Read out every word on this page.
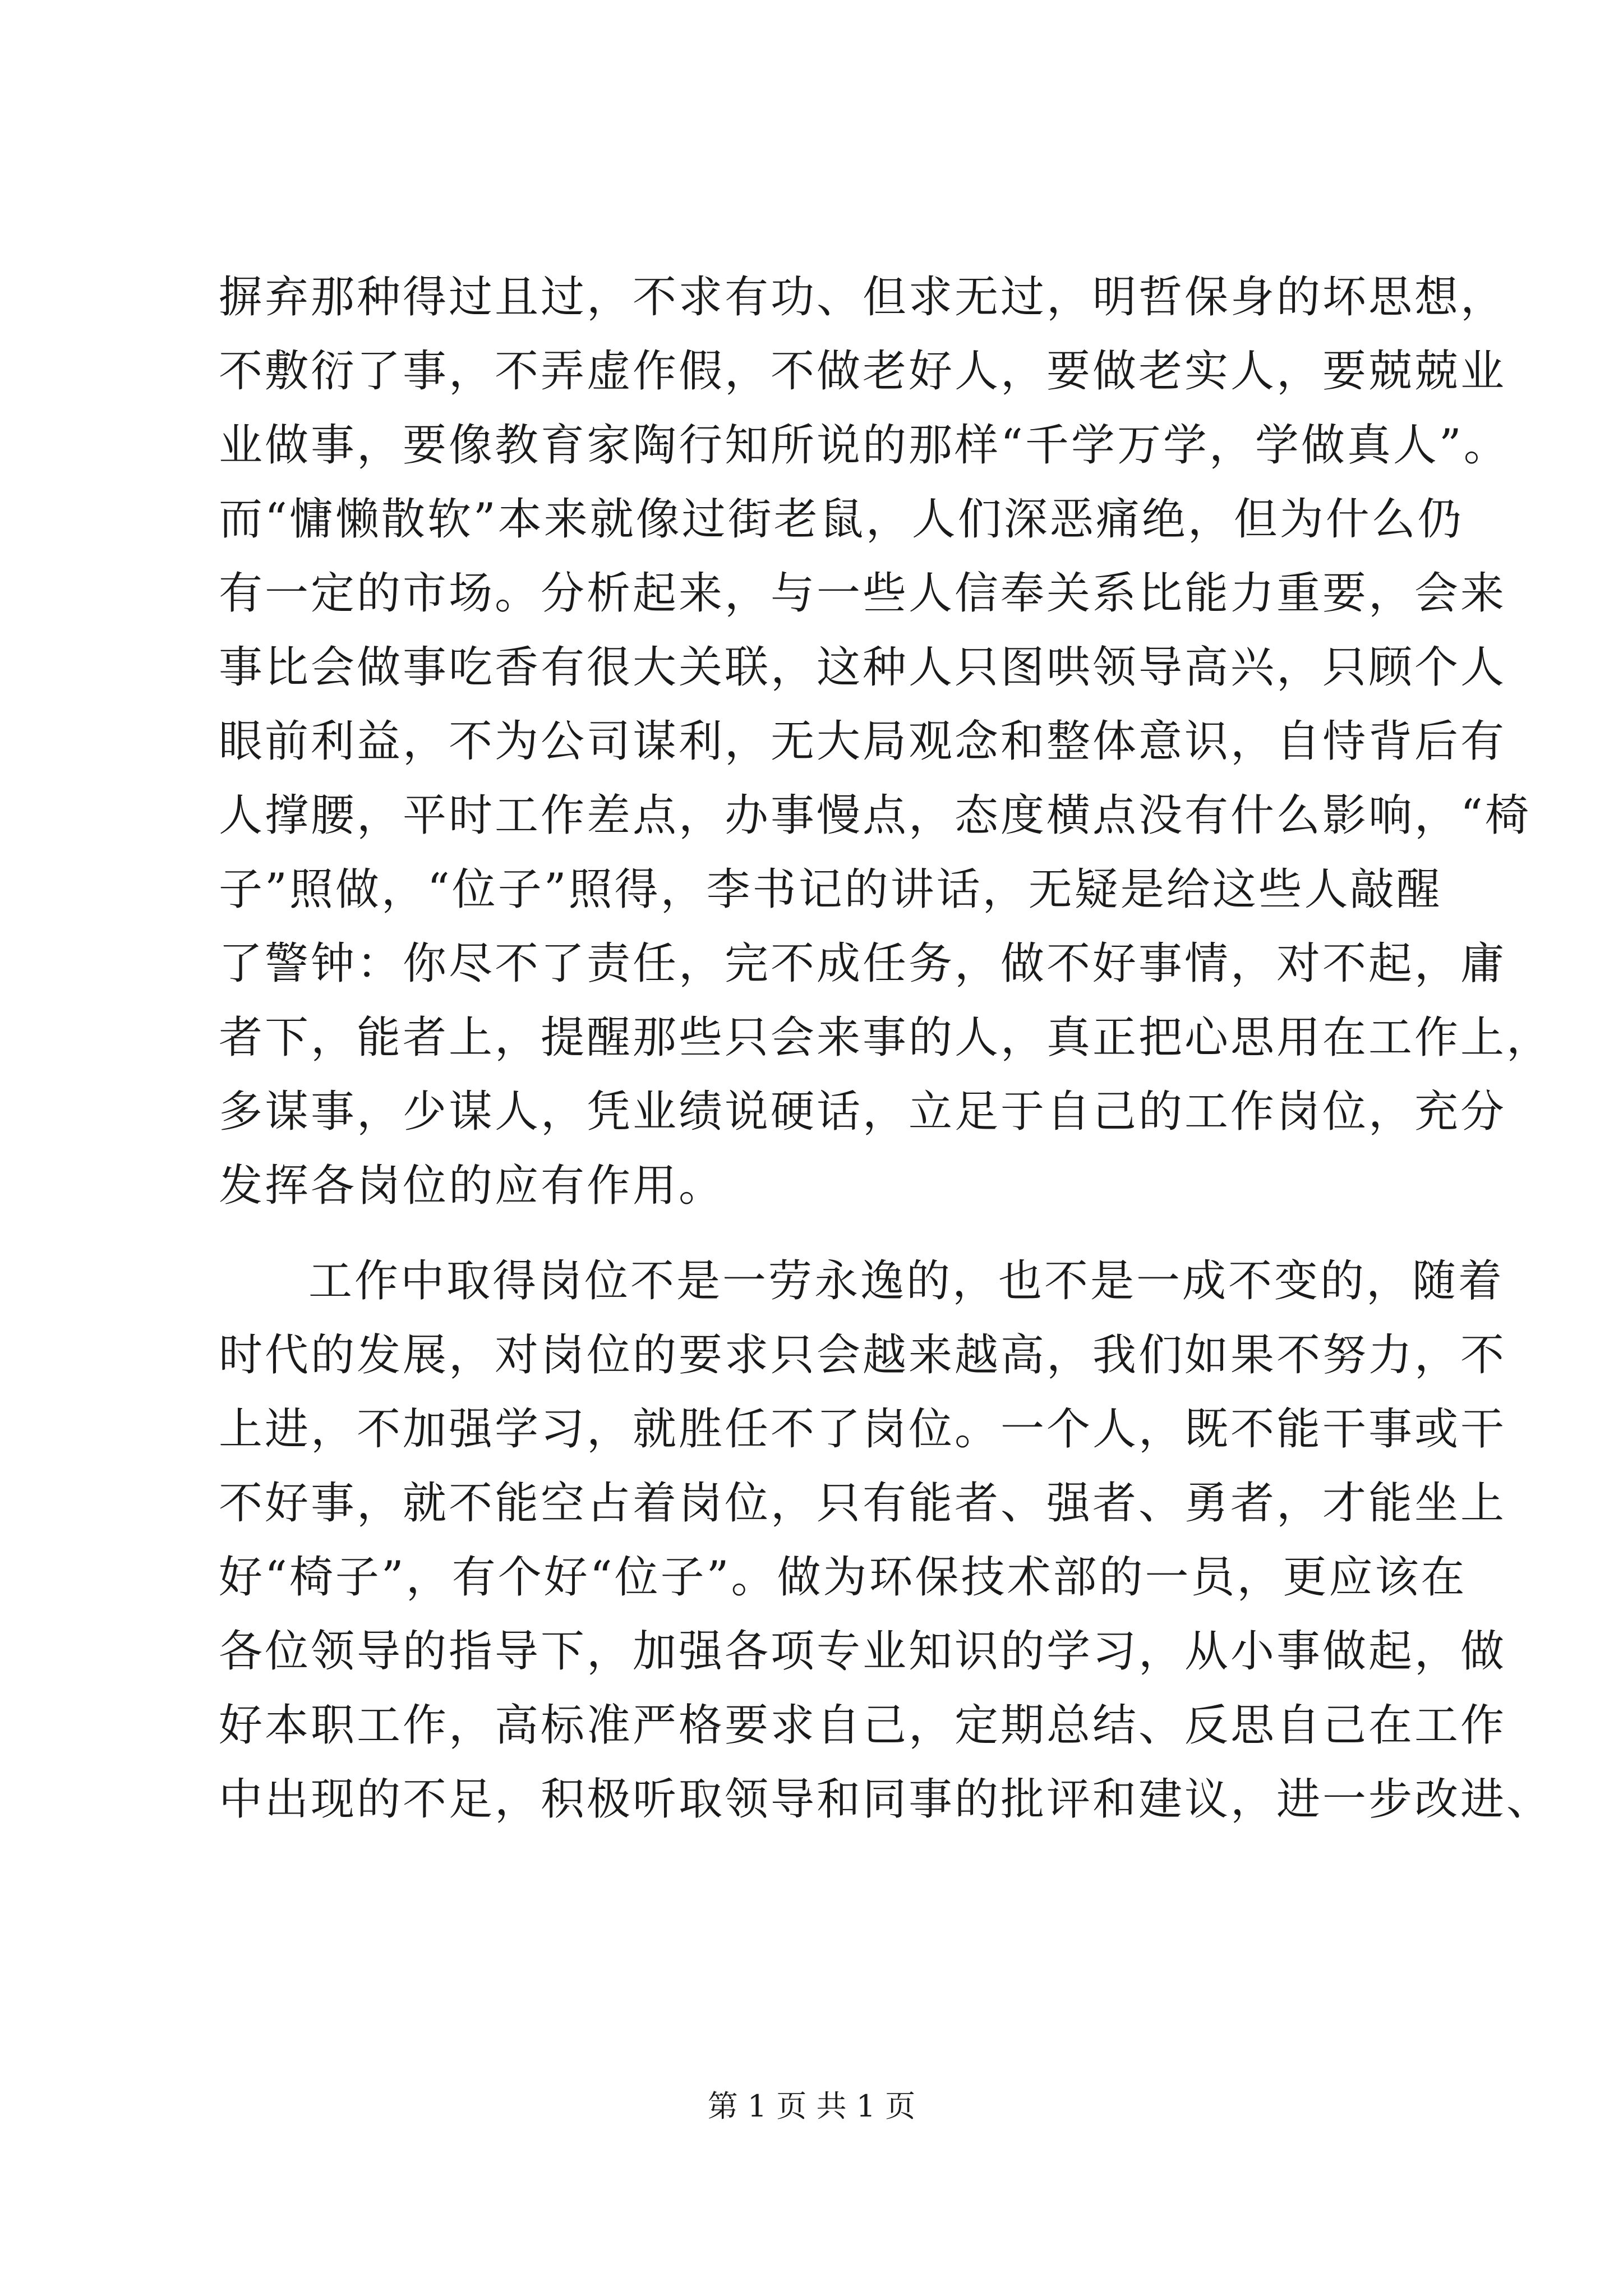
摒弃那种得过且过，不求有功、但求无过，明哲保身的坏思想，
不敷衍了事，不弄虚作假，不做老好人，要做老实人，要兢兢业
业做事，要像教育家陶行知所说的那样“千学万学，学做真人”。
而“慵懒散软”本来就像过街老鼠，人们深恶痛绝，但为什么仍
有一定的市场。分析起来，与一些人信奉关系比能力重要，会来
事比会做事吃香有很大关联，这种人只图哄领导高兴，只顾个人
眼前利益，不为公司谋利，无大局观念和整体意识，自恃背后有
人撑腰，平时工作差点，办事慢点，态度横点没有什么影响，“椅
子”照做，“位子”照得，李书记的讲话，无疑是给这些人敲醒
了警钟：你尽不了责任，完不成任务，做不好事情，对不起，庸
者下，能者上，提醒那些只会来事的人，真正把心思用在工作上，
多谋事，少谋人，凭业绩说硬话，立足于自己的工作岗位，充分
发挥各岗位的应有作用。
工作中取得岗位不是一劳永逸的，也不是一成不变的，随着
时代的发展，对岗位的要求只会越来越高，我们如果不努力，不
上进，不加强学习，就胜任不了岗位。一个人，既不能干事或干
不好事，就不能空占着岗位，只有能者、强者、勇者，才能坐上
好“椅子”，有个好“位子”。做为环保技术部的一员，更应该在
各位领导的指导下，加强各项专业知识的学习，从小事做起，做
好本职工作，高标准严格要求自己，定期总结、反思自己在工作
中出现的不足，积极听取领导和同事的批评和建议，进一步改进、
第 1 页 共 1 页
